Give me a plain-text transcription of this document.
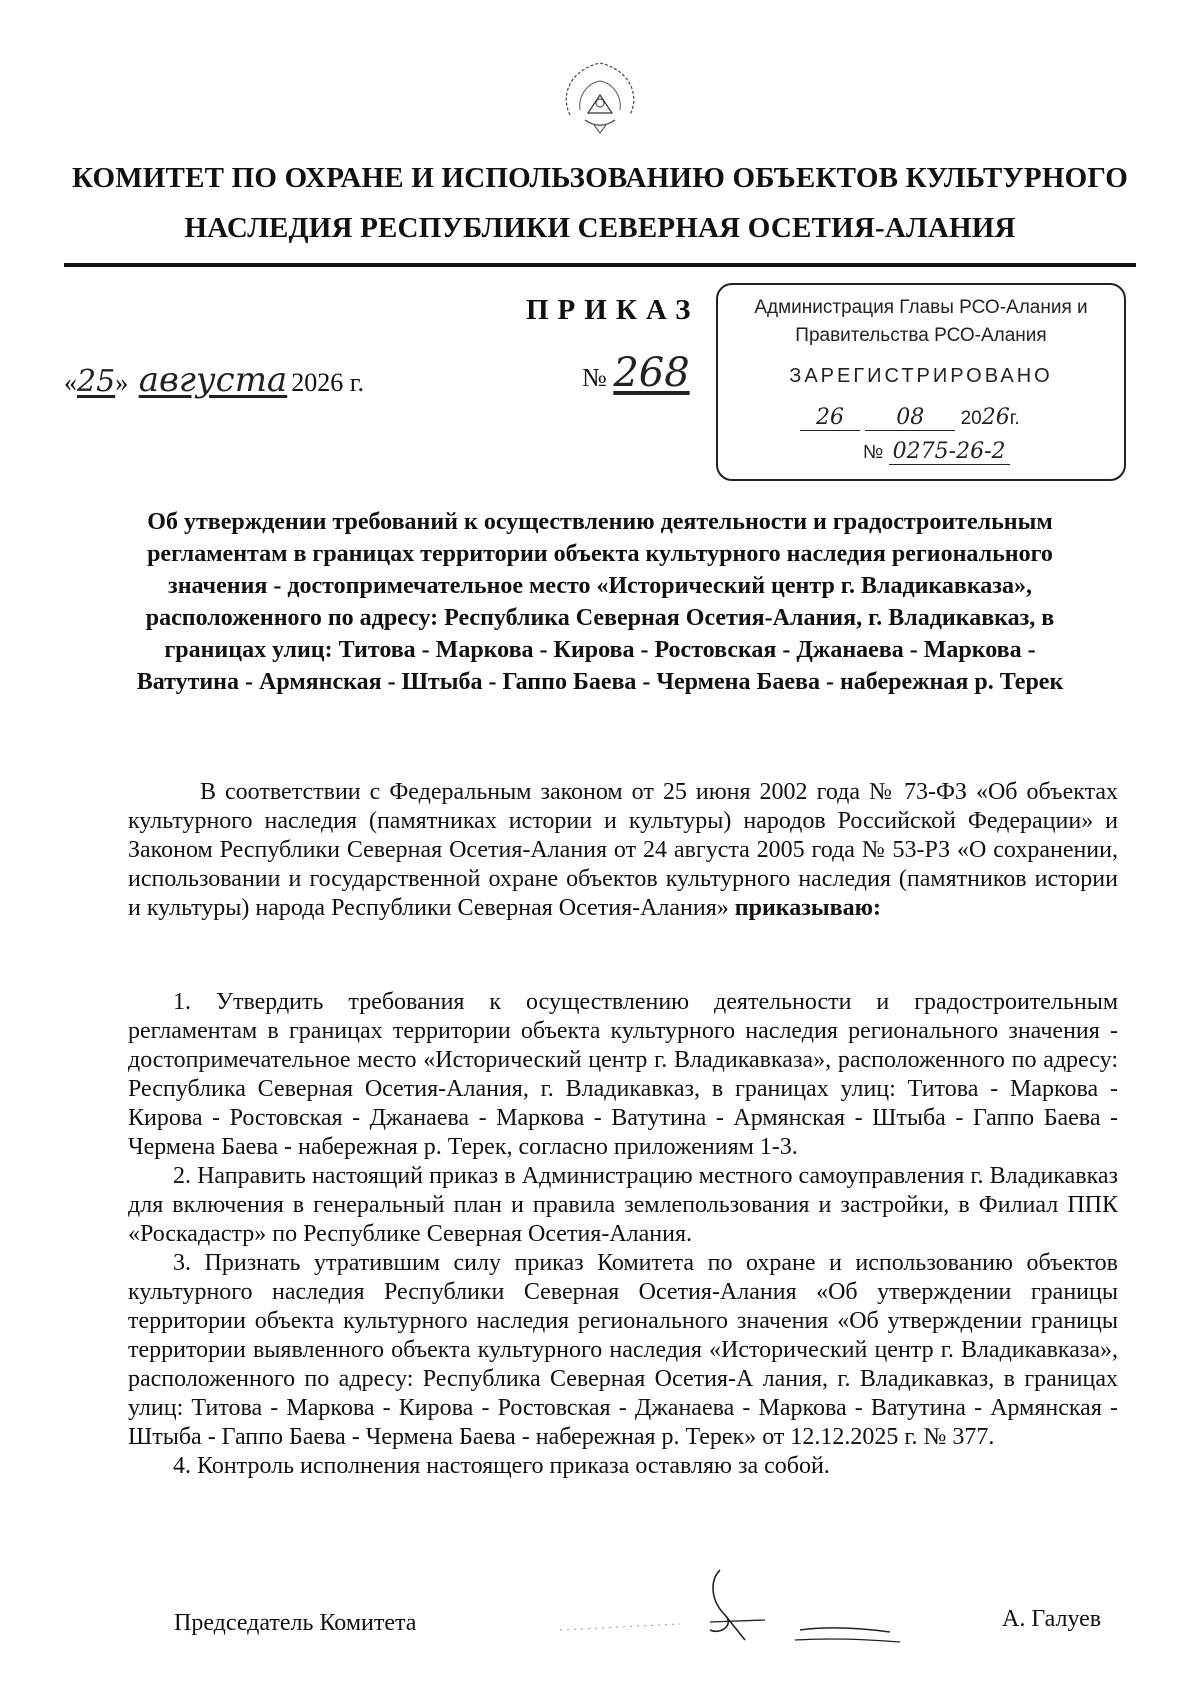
КОМИТЕТ ПО ОХРАНЕ И ИСПОЛЬЗОВАНИЮ ОБЪЕКТОВ КУЛЬТУРНОГО
НАСЛЕДИЯ РЕСПУБЛИКИ СЕВЕРНАЯ ОСЕТИЯ-АЛАНИЯ
ПРИКАЗ
«25» августа 2026 г.	№ 268
Администрация Главы РСО-Алания и
Правительства РСО-Алания
ЗАРЕГИСТРИРОВАНО
26 08 2026г.
№ 0275-26-2
Об утверждении требований к осуществлению деятельности и градостроительным регламентам в границах территории объекта культурного наследия регионального значения - достопримечательное место «Исторический центр г. Владикавказа», расположенного по адресу: Республика Северная Осетия-Алания, г. Владикавказ, в границах улиц: Титова - Маркова - Кирова - Ростовская - Джанаева - Маркова - Ватутина - Армянская - Штыба - Гаппо Баева - Чермена Баева - набережная р. Терек
В соответствии с Федеральным законом от 25 июня 2002 года № 73-ФЗ «Об объектах культурного наследия (памятниках истории и культуры) народов Российской Федерации» и Законом Республики Северная Осетия-Алания от 24 августа 2005 года № 53-РЗ «О сохранении, использовании и государственной охране объектов культурного наследия (памятников истории и культуры) народа Республики Северная Осетия-Алания» приказываю:

1. Утвердить требования к осуществлению деятельности и градостроительным регламентам в границах территории объекта культурного наследия регионального значения - достопримечательное место «Исторический центр г. Владикавказа», расположенного по адресу: Республика Северная Осетия-Алания, г. Владикавказ, в границах улиц: Титова - Маркова - Кирова - Ростовская - Джанаева - Маркова - Ватутина - Армянская - Штыба - Гаппо Баева - Чермена Баева - набережная р. Терек, согласно приложениям 1-3.

2. Направить настоящий приказ в Администрацию местного самоуправления г. Владикавказ для включения в генеральный план и правила землепользования и застройки, в Филиал ППК «Роскадастр» по Республике Северная Осетия-Алания.

3. Признать утратившим силу приказ Комитета по охране и использованию объектов культурного наследия Республики Северная Осетия-Алания «Об утверждении границы территории объекта культурного наследия регионального значения «Об утверждении границы территории выявленного объекта культурного наследия «Исторический центр г. Владикавказа», расположенного по адресу: Республика Северная Осетия-А лания, г. Владикавказ, в границах улиц: Титова - Маркова - Кирова - Ростовская - Джанаева - Маркова - Ватутина - Армянская - Штыба - Гаппо Баева - Чермена Баева - набережная р. Терек» от 12.12.2025 г. № 377.

4. Контроль исполнения настоящего приказа оставляю за собой.

Председатель Комитета	А. Галуев
